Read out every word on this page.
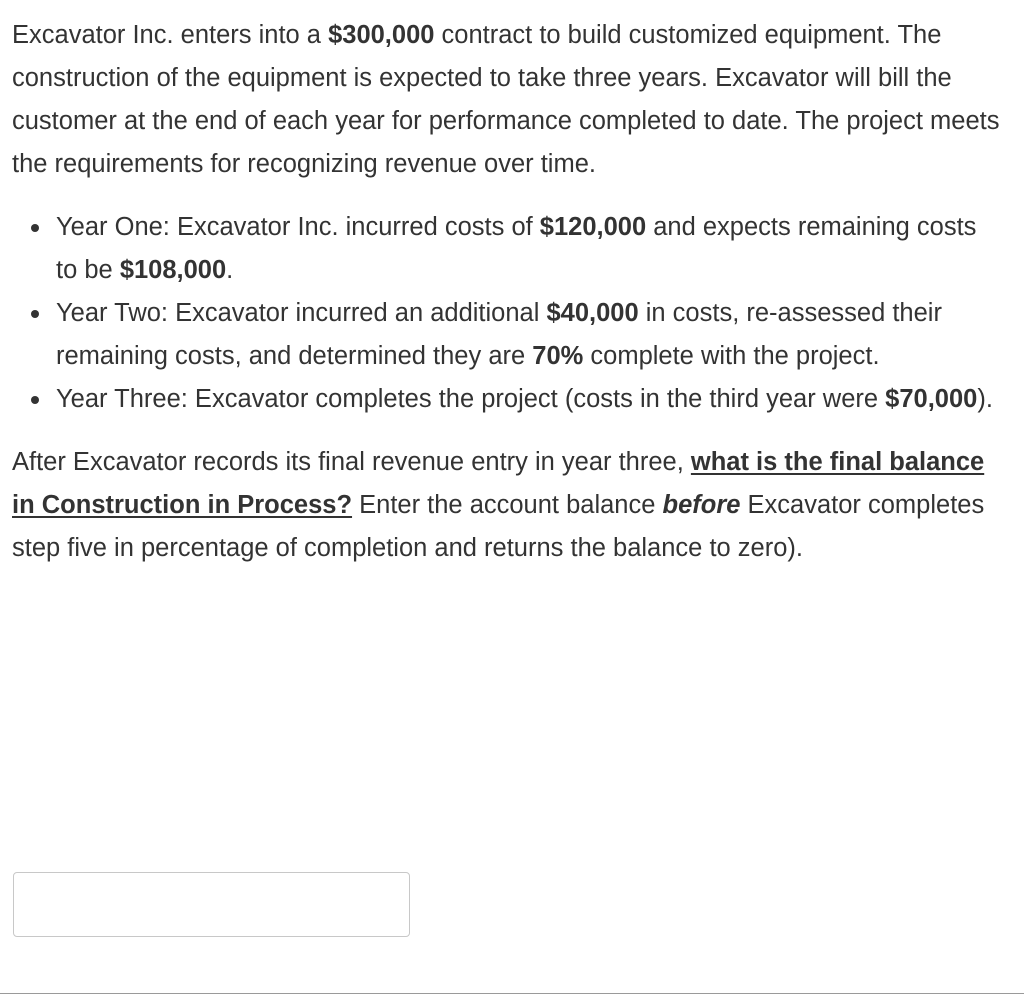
Excavator Inc. enters into a $300,000 contract to build customized equipment. The construction of the equipment is expected to take three years. Excavator will bill the customer at the end of each year for performance completed to date. The project meets the requirements for recognizing revenue over time.

Year One: Excavator Inc. incurred costs of $120,000 and expects remaining costs to be $108,000.
Year Two: Excavator incurred an additional $40,000 in costs, re-assessed their remaining costs, and determined they are 70% complete with the project.
Year Three: Excavator completes the project (costs in the third year were $70,000).

After Excavator records its final revenue entry in year three, what is the final balance in Construction in Process? Enter the account balance before Excavator completes step five in percentage of completion and returns the balance to zero).
